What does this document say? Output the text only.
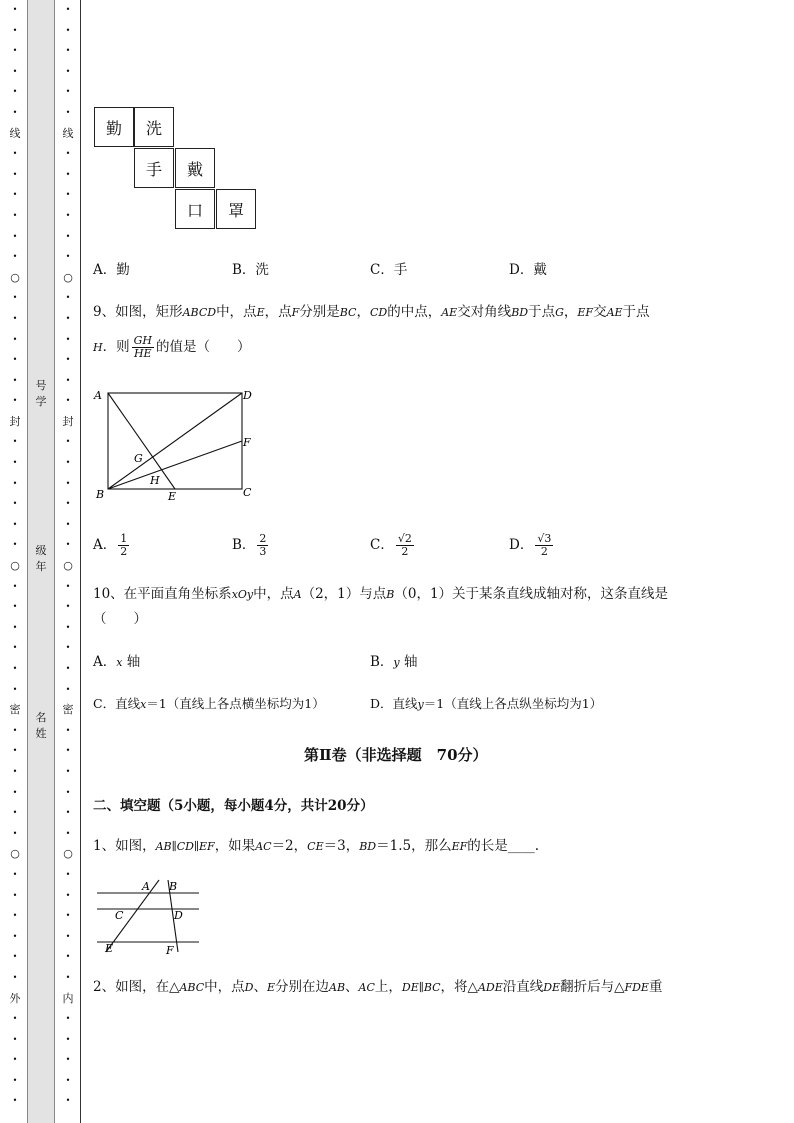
•
•
•
•
•
•
线
•
•
•
•
•
•
○
•
•
•
•
•
•
封
•
•
•
•
•
•
○
•
•
•
•
•
•
密
•
•
•
•
•
•
○
•
•
•
•
•
•
外
•
•
•
•
•
•
•
•
•
•
•
线
•
•
•
•
•
•
○
•
•
•
•
•
•
封
•
•
•
•
•
•
○
•
•
•
•
•
•
密
•
•
•
•
•
•
○
•
•
•
•
•
•
内
•
•
•
•
•
号学
级年
名姓
勤	洗
手	戴
口	罩
A．勤	B．洗	C．手	D．戴
9、如图，矩形ABCD中，点E，点F分别是BC，CD的中点，AE交对角线BD于点G，EF交AE于点
H．则 $\frac{GH}{HE}$ 的值是（　　）
A	D
F
B	C
E
G
H
A． $\frac{1}{2}$	B． $\frac{2}{3}$	C． $\frac{√2}{2}$	D． $\frac{√3}{2}$
10、在平面直角坐标系xOy中，点A（2，1）与点B（0，1）关于某条直线成轴对称，这条直线是
（　　）
A．x 轴	B．y 轴
C．直线x＝1（直线上各点横坐标均为1）	D．直线y＝1（直线上各点纵坐标均为1）
第Ⅱ卷（非选择题　70分）
二、填空题（5小题，每小题4分，共计20分）
1、如图，AB∥CD∥EF，如果AC＝2，CE＝3，BD＝1.5，那么EF的长是____.
A B
C	D
E	F
2、如图，在△ABC中，点D、E分别在边AB、AC上，DE∥BC，将△ADE沿直线DE翻折后与△FDE重
